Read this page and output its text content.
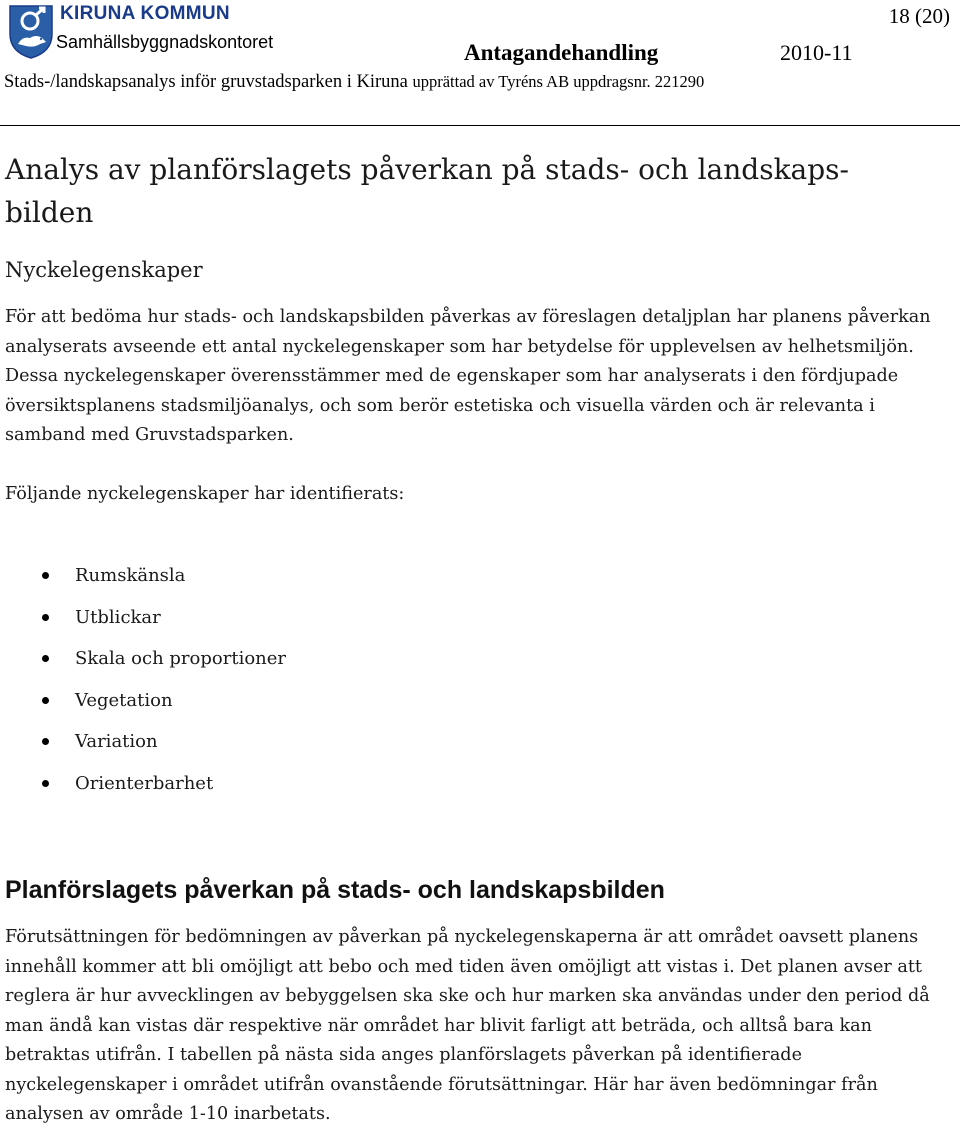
KIRUNA KOMMUN
Samhällsbyggnadskontoret
18 (20)
Antagandehandling	2010-11
Stads-/landskapsanalys inför gruvstadsparken i Kiruna upprättad av Tyréns AB uppdragsnr. 221290
Analys av planförslagets påverkan på stads- och landskaps-bilden
Nyckelegenskaper
För att bedöma hur stads- och landskapsbilden påverkas av föreslagen detaljplan har planens påverkan analyserats avseende ett antal nyckelegenskaper som har betydelse för upplevelsen av helhetsmiljön. Dessa nyckelegenskaper överensstämmer med de egenskaper som har analyserats i den fördjupade översiktsplanens stadsmiljöanalys, och som berör estetiska och visuella värden och är relevanta i samband med Gruvstadsparken.
Följande nyckelegenskaper har identifierats:
Rumskänsla
Utblickar
Skala och proportioner
Vegetation
Variation
Orienterbarhet
Planförslagets påverkan på stads- och landskapsbilden
Förutsättningen för bedömningen av påverkan på nyckelegenskaperna är att området oavsett planens innehåll kommer att bli omöjligt att bebo och med tiden även omöjligt att vistas i. Det planen avser att reglera är hur avvecklingen av bebyggelsen ska ske och hur marken ska användas under den period då man ändå kan vistas där respektive när området har blivit farligt att beträda, och alltså bara kan betraktas utifrån. I tabellen på nästa sida anges planförslagets påverkan på identifierade nyckelegenskaper i området utifrån ovanstående förutsättningar. Här har även bedömningar från analysen av område 1-10 inarbetats.
